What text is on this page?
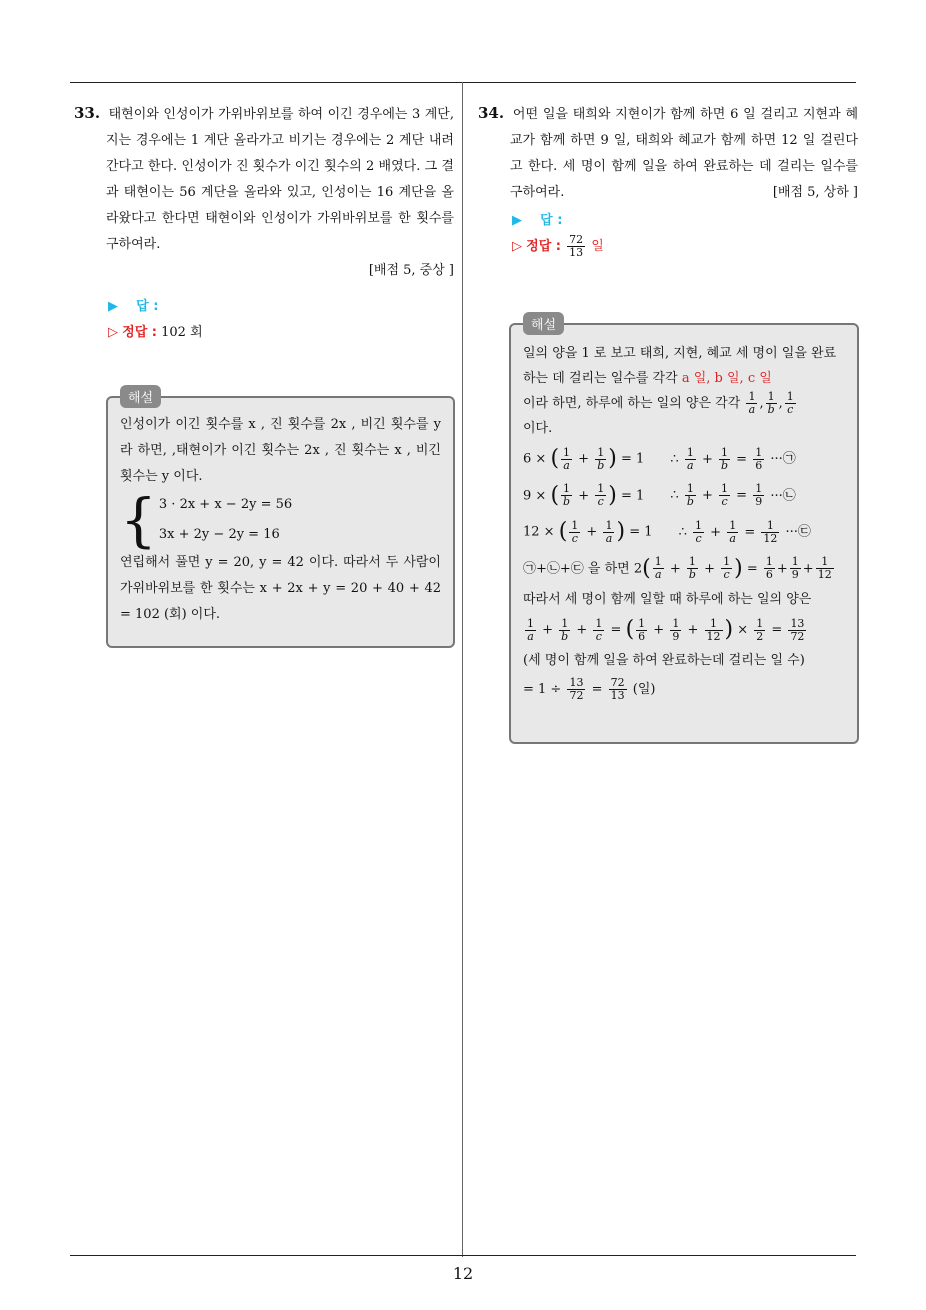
33. 태현이와 인성이가 가위바위보를 하여 이긴 경우에는 3 계단, 지는 경우에는 1 계단 올라가고 비기는 경우에는 2 계단 내려간다고 한다. 인성이가 진 횟수가 이긴 횟수의 2 배였다. 그 결과 태현이는 56 계단을 올라와 있고, 인성이는 16 계단을 올라왔다고 한다면 태현이와 인성이가 가위바위보를 한 횟수를 구하여라.
[배점 5, 중상 ]
▶ 답 :
▷ 정답 : 102 회
해설
인성이가 이긴 횟수를 x , 진 횟수를 2x , 비긴 횟수를 y 라 하면, ,태현이가 이긴 횟수는 2x , 진 횟수는 x , 비긴 횟수는 y 이다.
{ 3 · 2x + x − 2y = 56
3x + 2y − 2y = 16
연립해서 풀면 y = 20, y = 42 이다. 따라서 두 사람이 가위바위보를 한 횟수는 x + 2x + y = 20 + 40 + 42 = 102 (회) 이다.
34. 어떤 일을 태희와 지현이가 함께 하면 6 일 걸리고 지현과 혜교가 함께 하면 9 일, 태희와 혜교가 함께 하면 12 일 걸린다고 한다. 세 명이 함께 일을 하여 완료하는 데 걸리는 일수를 구하여라.	[배점 5, 상하 ]
▶ 답 :
▷ 정답 : $\frac{72}{13}$ 일
해설
일의 양을 1 로 보고 태희, 지현, 혜교 세 명이 일을 완료하는 데 걸리는 일수를 각각 a 일, b 일, c 일
이라 하면, 하루에 하는 일의 양은 각각 $\frac{1}{a}$ , $\frac{1}{b}$ , $\frac{1}{c}$
이다.
6 × ( $\frac{1}{a} + \frac{1}{b}$ ) = 1 ∴ $\frac{1}{a} + \frac{1}{b} = \frac{1}{6}$ ···㉠
9 × ( $\frac{1}{b} + \frac{1}{c}$ ) = 1 ∴ $\frac{1}{b} + \frac{1}{c} = \frac{1}{9}$ ···㉡
12 × ( $\frac{1}{c} + \frac{1}{a}$ ) = 1 ∴ $\frac{1}{c} + \frac{1}{a} = \frac{1}{12}$ ···㉢
㉠+㉡+㉢ 을 하면 $2( \frac{1}{a} + \frac{1}{b} + \frac{1}{c}$ ) = $\frac{1}{6} + \frac{1}{9} + \frac{1}{12}$
따라서 세 명이 함께 일할 때 하루에 하는 일의 양은
$\frac{1}{a} + \frac{1}{b} + \frac{1}{c}$ = ( $\frac{1}{6} + \frac{1}{9} + \frac{1}{12}$ ) × $\frac{1}{2} = \frac{13}{72}$
(세 명이 함께 일을 하여 완료하는데 걸리는 일 수)
= $1 \div \frac{13}{72} = \frac{72}{13}$ (일)
12
